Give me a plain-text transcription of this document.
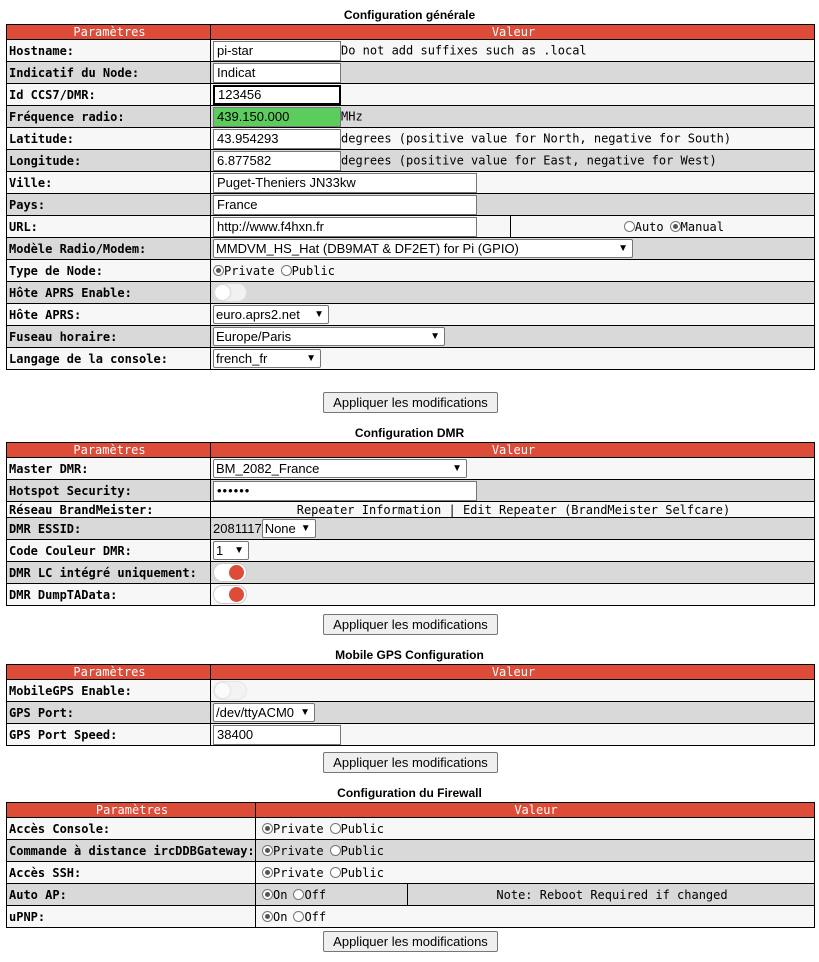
Configuration générale
Paramètres	Valeur	
Hostname:	pi-star Do not add suffixes such as .local	
Indicatif du Node:	Indicat	
Id CCS7/DMR:	123456	
Fréquence radio:	439.150.000 MHz	
Latitude:	43.954293 degrees (positive value for North, negative for South)	
Longitude:	6.877582 degrees (positive value for East, negative for West)	
Ville:	Puget-Theniers JN33kw	
Pays:	France	
URL:	http://www.f4hxn.fr	Auto Manual
Modèle Radio/Modem:	MMDVM_HS_Hat (DB9MAT & DF2ET) for Pi (GPIO) ▼	

Type de Node:	Private Public	
Hôte APRS Enable:		
Hôte APRS:	euro.aprs2.net ▼	

Fuseau horaire:	Europe/Paris ▼	

Langage de la console:	french_fr ▼	
Appliquer les modifications
Configuration DMR
Paramètres	Valeur
Master DMR:	BM_2082_France ▼

Hotspot Security:	••••••
Réseau BrandMeister:	Repeater Information | Edit Repeater (BrandMeister Selfcare)
DMR ESSID:	2081117 None ▼

Code Couleur DMR:	1 ▼

DMR LC intégré uniquement:	
DMR DumpTAData:	
Appliquer les modifications
Mobile GPS Configuration
Paramètres	Valeur
MobileGPS Enable:	
GPS Port:	/dev/ttyACM0 ▼

GPS Port Speed:	38400
Appliquer les modifications
Configuration du Firewall
Paramètres	Valeur	
Accès Console:	Private Public	
Commande à distance ircDDBGateway:	Private Public	
Accès SSH:	Private Public	
Auto AP:	On Off	Note: Reboot Required if changed
uPNP:	On Off	
Appliquer les modifications
